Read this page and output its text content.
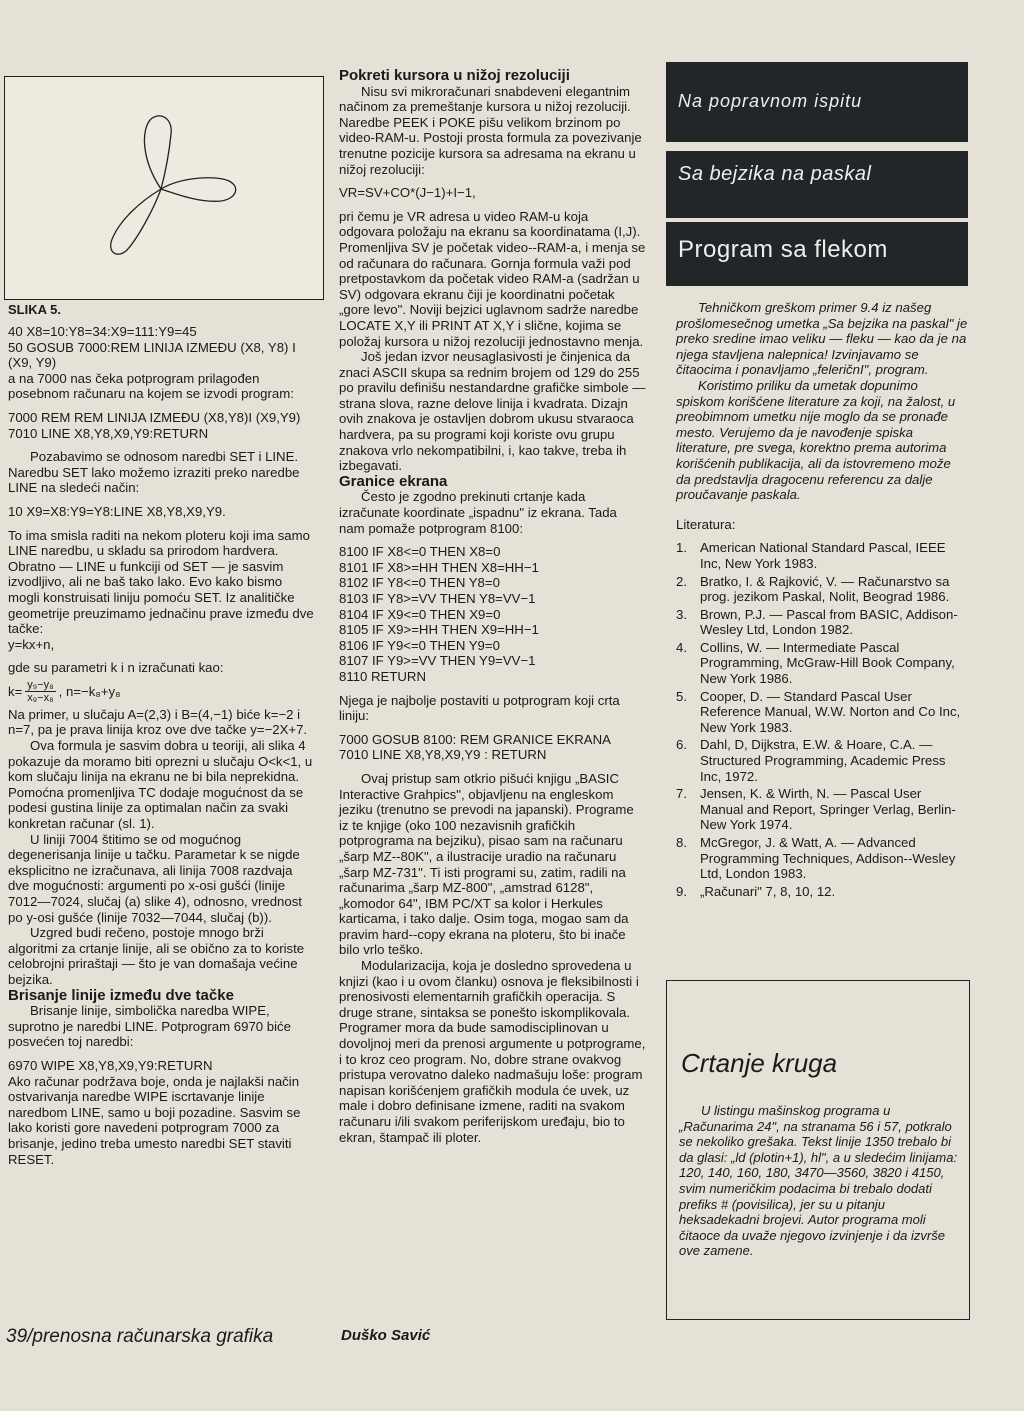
SLIKA 5.

40 X8=10:Y8=34:X9=111:Y9=45

50 GOSUB 7000:REM LINIJA IZMEĐU (X8, Y8) I (X9, Y9)

a na 7000 nas čeka potprogram prilagođen posebnom računaru na kojem se izvodi program:

7000 REM REM LINIJA IZMEĐU (X8,Y8)I (X9,Y9)

7010 LINE X8,Y8,X9,Y9:RETURN

Pozabavimo se odnosom naredbi SET i LINE. Naredbu SET lako možemo izraziti preko naredbe LINE na sledeći način:

10 X9=X8:Y9=Y8:LINE X8,Y8,X9,Y9.

To ima smisla raditi na nekom ploteru koji ima samo LINE naredbu, u skladu sa prirodom hardvera. Obratno — LINE u funkciji od SET — je sasvim izvodljivo, ali ne baš tako lako. Evo kako bismo mogli konstruisati liniju pomoću SET. Iz analitičke geometrije preuzimamo jednačinu prave između dve tačke:

y=kx+n,

gde su parametri k i n izračunati kao:

$k= \frac{\text{y₉−y₈}}{\text{x₉−x₈}}$ , n=−k₈+y₈

Na primer, u slučaju A=(2,3) i B=(4,−1) biće k=−2 i n=7, pa je prava linija kroz ove dve tačke y=−2X+7.

Ova formula je sasvim dobra u teoriji, ali slika 4 pokazuje da moramo biti oprezni u slučaju O<k<1, u kom slučaju linija na ekranu ne bi bila neprekidna. Pomoćna promenljiva TC dodaje mogućnost da se podesi gustina linije za optimalan način za svaki konkretan računar (sl. 1).

U liniji 7004 štitimo se od mogućnog degenerisanja linije u tačku. Parametar k se nigde eksplicitno ne izračunava, ali linija 7008 razdvaja dve mogućnosti: argumenti po x-osi gušći (linije 7012—7024, slučaj (a) slike 4), odnosno, vrednost po y-osi gušće (linije 7032—7044, slučaj (b)).

Uzgred budi rečeno, postoje mnogo brži algoritmi za crtanje linije, ali se obično za to koriste celobrojni priraštaji — što je van domašaja većine bejzika.

Brisanje linije između dve tačke

Brisanje linije, simbolička naredba WIPE, suprotno je naredbi LINE. Potprogram 6970 biće posvećen toj naredbi:

6970 WIPE X8,Y8,X9,Y9:RETURN

Ako računar podržava boje, onda je najlakši način ostvarivanja naredbe WIPE iscrtavanje linije naredbom LINE, samo u boji pozadine. Sasvim se lako koristi gore navedeni potprogram 7000 za brisanje, jedino treba umesto naredbi SET staviti RESET.

Pokreti kursora u nižoj rezoluciji

Nisu svi mikroračunari snabdeveni elegantnim načinom za premeštanje kursora u nižoj rezoluciji. Naredbe PEEK i POKE pišu velikom brzinom po video-RAM-u. Postoji prosta formula za povezivanje trenutne pozicije kursora sa adresama na ekranu u nižoj rezoluciji:

VR=SV+CO*(J−1)+I−1,

pri čemu je VR adresa u video RAM-u koja odgovara položaju na ekranu sa koordinatama (I,J). Promenljiva SV je početak video--RAM-a, i menja se od računara do računara. Gornja formula važi pod pretpostavkom da početak video RAM-a (sadržan u SV) odgovara ekranu čiji je koordinatni početak „gore levo". Noviji bejzici uglavnom sadrže naredbe LOCATE X,Y ili PRINT AT X,Y i slične, kojima se položaj kursora u nižoj rezoluciji jednostavno menja.

Još jedan izvor neusaglasivosti je činjenica da znaci ASCII skupa sa rednim brojem od 129 do 255 po pravilu definišu nestandardne grafičke simbole — strana slova, razne delove linija i kvadrata. Dizajn ovih znakova je ostavljen dobrom ukusu stvaraoca hardvera, pa su programi koji koriste ovu grupu znakova vrlo nekompatibilni, i, kao takve, treba ih izbegavati.

Granice ekrana

Često je zgodno prekinuti crtanje kada izračunate koordinate „ispadnu" iz ekrana. Tada nam pomaže potprogram 8100:

8100 IF X8<=0 THEN X8=0

8101 IF X8>=HH THEN X8=HH−1

8102 IF Y8<=0 THEN Y8=0

8103 IF Y8>=VV THEN Y8=VV−1

8104 IF X9<=0 THEN X9=0

8105 IF X9>=HH THEN X9=HH−1

8106 IF Y9<=0 THEN Y9=0

8107 IF Y9>=VV THEN Y9=VV−1

8110 RETURN

Njega je najbolje postaviti u potprogram koji crta liniju:

7000 GOSUB 8100: REM GRANICE EKRANA

7010 LINE X8,Y8,X9,Y9 : RETURN

Ovaj pristup sam otkrio pišući knjigu „BASIC Interactive Grahpics", objavljenu na engleskom jeziku (trenutno se prevodi na japanski). Programe iz te knjige (oko 100 nezavisnih grafičkih potprograma na bejziku), pisao sam na računaru „šarp MZ--80K", a ilustracije uradio na računaru „šarp MZ-731". Ti isti programi su, zatim, radili na računarima „šarp MZ-800", „amstrad 6128", „komodor 64", IBM PC/XT sa kolor i Herkules karticama, i tako dalje. Osim toga, mogao sam da pravim hard--copy ekrana na ploteru, što bi inače bilo vrlo teško.

Modularizacija, koja je dosledno sprovedena u knjizi (kao i u ovom članku) osnova je fleksibilnosti i prenosivosti elementarnih grafičkih operacija. S druge strane, sintaksa se ponešto iskomplikovala. Programer mora da bude samodisciplinovan u dovoljnoj meri da prenosi argumente u potprograme, i to kroz ceo program. No, dobre strane ovakvog pristupa verovatno daleko nadmašuju loše: program napisan korišćenjem grafičkih modula će uvek, uz male i dobro definisane izmene, raditi na svakom računaru i/ili svakom periferijskom uređaju, bio to ekran, štampač ili ploter.

Na popravnom ispitu
Sa bejzika na paskal
Program sa flekom

Tehničkom greškom primer 9.4 iz našeg prošlomesečnog umetka „Sa bejzika na paskal" je preko sredine imao veliku — fleku — kao da je na njega stavljena nalepnica! Izvinjavamo se čitaocima i ponavljamo „feleričnI", program.

Koristimo priliku da umetak dopunimo spiskom korišćene literature za koji, na žalost, u preobimnom umetku nije moglo da se pronađe mesto. Verujemo da je navođenje spiska literature, pre svega, korektno prema autorima korišćenih publikacija, ali da istovremeno može da predstavlja dragocenu referencu za dalje proučavanje paskala.

Literatura:

1. American National Standard Pascal, IEEE Inc, New York 1983.
2. Bratko, I. & Rajković, V. — Računarstvo sa prog. jezikom Paskal, Nolit, Beograd 1986.
3. Brown, P.J. — Pascal from BASIC, Addison-Wesley Ltd, London 1982.
4. Collins, W. — Intermediate Pascal Programming, McGraw-Hill Book Company, New York 1986.
5. Cooper, D. — Standard Pascal User Reference Manual, W.W. Norton and Co Inc, New York 1983.
6. Dahl, D, Dijkstra, E.W. & Hoare, C.A. — Structured Programming, Academic Press Inc, 1972.
7. Jensen, K. & Wirth, N. — Pascal User Manual and Report, Springer Verlag, Berlin-New York 1974.
8. McGregor, J. & Watt, A. — Advanced Programming Techniques, Addison--Wesley Ltd, London 1983.
9. „Računari" 7, 8, 10, 12.
Crtanje kruga
U listingu mašinskog programa u „Računarima 24", na stranama 56 i 57, potkralo se nekoliko grešaka. Tekst linije 1350 trebalo bi da glasi: „ld (plotin+1), hl", a u sledećim linijama: 120, 140, 160, 180, 3470—3560, 3820 i 4150, svim numeričkim podacima bi trebalo dodati prefiks # (povisilica), jer su u pitanju heksadekadni brojevi. Autor programa moli čitaoce da uvaže njegovo izvinjenje i da izvrše ove zamene.
39/prenosna računarska grafika	Duško Savić
